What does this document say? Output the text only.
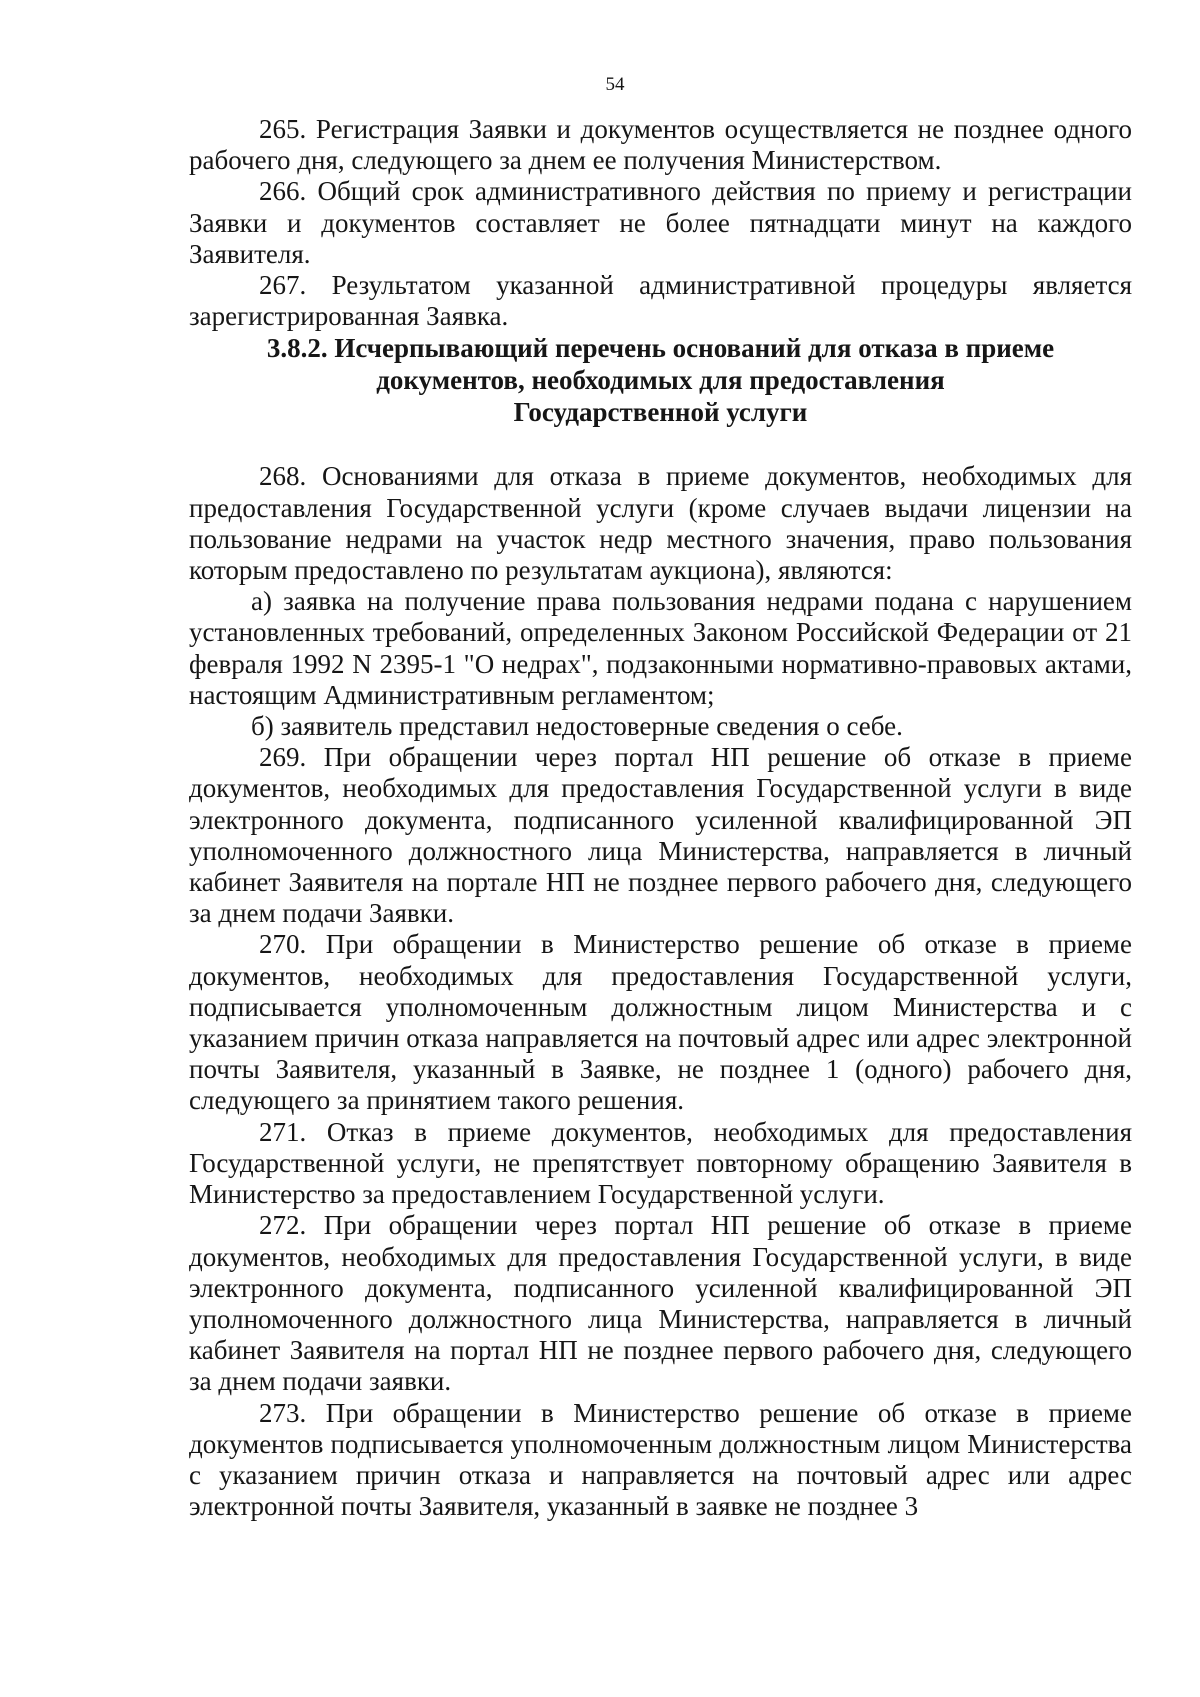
54

265. Регистрация Заявки и документов осуществляется не позднее одного рабочего дня, следующего за днем ее получения Министерством.

266. Общий срок административного действия по приему и регистрации Заявки и документов составляет не более пятнадцати минут на каждого Заявителя.

267. Результатом указанной административной процедуры является зарегистрированная Заявка.

3.8.2. Исчерпывающий перечень оснований для отказа в приеме
документов, необходимых для предоставления
Государственной услуги

268. Основаниями для отказа в приеме документов, необходимых для предоставления Государственной услуги (кроме случаев выдачи лицензии на пользование недрами на участок недр местного значения, право пользования которым предоставлено по результатам аукциона), являются:

а) заявка на получение права пользования недрами подана с нарушением установленных требований, определенных Законом Российской Федерации от 21 февраля 1992 N 2395-1 "О недрах", подзаконными нормативно-правовых актами, настоящим Административным регламентом;

б) заявитель представил недостоверные сведения о себе.

269. При обращении через портал НП решение об отказе в приеме документов, необходимых для предоставления Государственной услуги в виде электронного документа, подписанного усиленной квалифицированной ЭП уполномоченного должностного лица Министерства, направляется в личный кабинет Заявителя на портале НП не позднее первого рабочего дня, следующего за днем подачи Заявки.

270. При обращении в Министерство решение об отказе в приеме документов, необходимых для предоставления Государственной услуги, подписывается уполномоченным должностным лицом Министерства и с указанием причин отказа направляется на почтовый адрес или адрес электронной почты Заявителя, указанный в Заявке, не позднее 1 (одного) рабочего дня, следующего за принятием такого решения.

271. Отказ в приеме документов, необходимых для предоставления Государственной услуги, не препятствует повторному обращению Заявителя в Министерство за предоставлением Государственной услуги.

272. При обращении через портал НП решение об отказе в приеме документов, необходимых для предоставления Государственной услуги, в виде электронного документа, подписанного усиленной квалифицированной ЭП уполномоченного должностного лица Министерства, направляется в личный кабинет Заявителя на портал НП не позднее первого рабочего дня, следующего за днем подачи заявки.

273. При обращении в Министерство решение об отказе в приеме документов подписывается уполномоченным должностным лицом Министерства с указанием причин отказа и направляется на почтовый адрес или адрес электронной почты Заявителя, указанный в заявке не позднее 3
